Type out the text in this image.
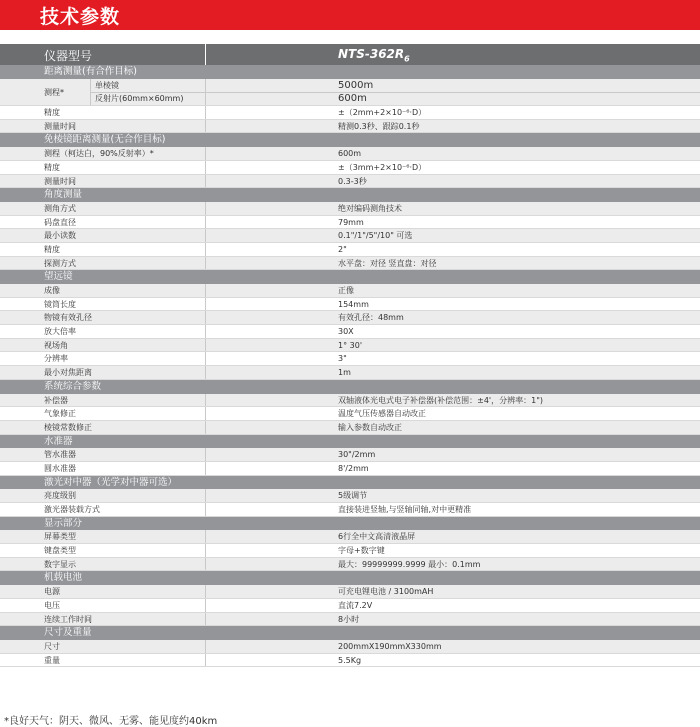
技术参数
仪器型号	NTS-$362R_6$
距离测量(有合作目标)
测程*
单棱镜	5000m
反射片(60mm×60mm)	600m
精度	±（2mm+2×10⁻⁶·D）
测量时间	精测0.3秒、跟踪0.1秒
免棱镜距离测量(无合作目标)
测程（柯达白，90%反射率）*	600m
精度	±（3mm+2×10⁻⁶·D）
测量时间	0.3-3秒
角度测量
测角方式	绝对编码测角技术
码盘直径	79mm
最小读数	0.1"/1"/5"/10" 可选
精度	2"
探测方式	水平盘：对径 竖直盘：对径
望远镜
成像	正像
镜筒长度	154mm
物镜有效孔径	有效孔径：48mm
放大倍率	30X
视场角	1° 30'
分辨率	3"
最小对焦距离	1m
系统综合参数
补偿器	双轴液体光电式电子补偿器(补偿范围：±4'，分辨率：1")
气象修正	温度气压传感器自动改正
棱镜常数修正	输入参数自动改正
水准器
管水准器	30"/2mm
圆水准器	8'/2mm
激光对中器（光学对中器可选）
亮度级别	5级调节
激光器装载方式	直接装进竖轴,与竖轴同轴,对中更精准
显示部分
屏幕类型	6行全中文高清液晶屏
键盘类型	字母+数字键
数字显示	最大：99999999.9999 最小：0.1mm
机载电池
电源	可充电锂电池 / 3100mAH
电压	直流7.2V
连续工作时间	8小时
尺寸及重量
尺寸	200mmX190mmX330mm
重量	5.5Kg
*良好天气：阴天、微风、无雾、能见度约40km
